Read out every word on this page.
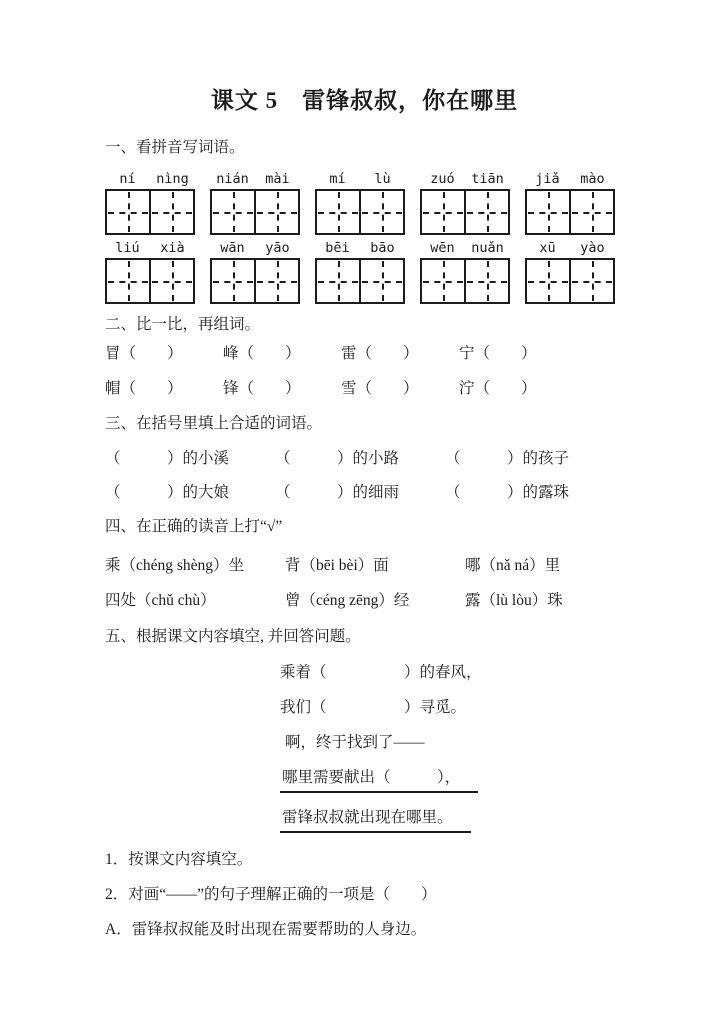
课文 5　雷锋叔叔，你在哪里
一、看拼音写词语。
ní	nìng	nián	mài	mí	lù	zuó	tiān	jiǎ	mào
liú	xià	wān	yāo	bēi	bāo	wēn	nuǎn	xū	yào
二、比一比，再组词。
冒（　　）	峰（　　）	雷（　　）	宁（　　）
帽（　　）	锋（　　）	雪（　　）	泞（　　）
三、在括号里填上合适的词语。
（　　　）的小溪	（　　　）的小路	（　　　）的孩子
（　　　）的大娘	（　　　）的细雨	（　　　）的露珠
四、在正确的读音上打“√”
乘（chéng shèng）坐	背（bēi bèi）面	哪（nǎ ná）里
四处（chǔ chù）	曾（céng zēng）经	露（lù lòu）珠
五、根据课文内容填空, 并回答问题。
乘着（　　　　　）的春风，
我们（　　　　　）寻觅。
啊，终于找到了——
哪里需要献出（　　　），
雷锋叔叔就出现在哪里。
1．按课文内容填空。
2．对画“——”的句子理解正确的一项是（　　）
A．雷锋叔叔能及时出现在需要帮助的人身边。
